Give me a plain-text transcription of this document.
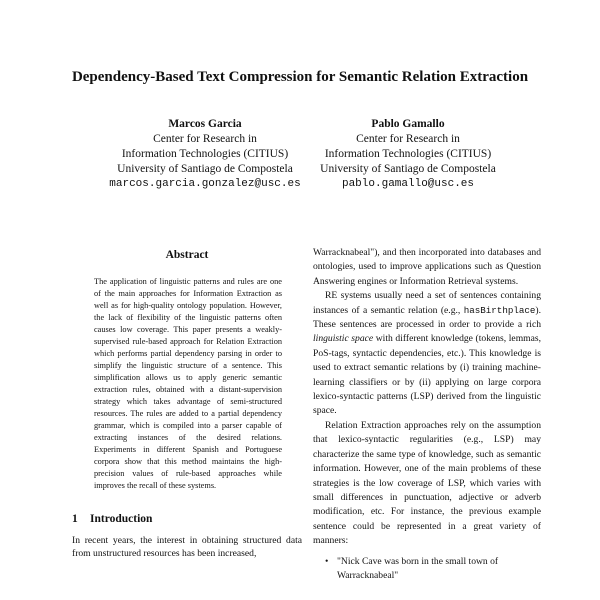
Dependency-Based Text Compression for Semantic Relation Extraction
Marcos Garcia
Center for Research in
Information Technologies (CITIUS)
University of Santiago de Compostela
marcos.garcia.gonzalez@usc.es
Pablo Gamallo
Center for Research in
Information Technologies (CITIUS)
University of Santiago de Compostela
pablo.gamallo@usc.es
Abstract

The application of linguistic patterns and rules are one of the main approaches for Information Extraction as well as for high-quality ontology population. However, the lack of flexibility of the linguistic patterns often causes low coverage. This paper presents a weakly-supervised rule-based approach for Relation Extraction which performs partial dependency parsing in order to simplify the linguistic structure of a sentence. This simplification allows us to apply generic semantic extraction rules, obtained with a distant-supervision strategy which takes advantage of semi-structured resources. The rules are added to a partial dependency grammar, which is compiled into a parser capable of extracting instances of the desired relations. Experiments in different Spanish and Portuguese corpora show that this method maintains the high-precision values of rule-based approaches while improves the recall of these systems.

1 Introduction

In recent years, the interest in obtaining structured data from unstructured resources has been increased,

Warracknabeal"), and then incorporated into databases and ontologies, used to improve applications such as Question Answering engines or Information Retrieval systems.

RE systems usually need a set of sentences containing instances of a semantic relation (e.g., hasBirthplace). These sentences are processed in order to provide a rich linguistic space with different knowledge (tokens, lemmas, PoS-tags, syntactic dependencies, etc.). This knowledge is used to extract semantic relations by (i) training machine-learning classifiers or by (ii) applying on large corpora lexico-syntactic patterns (LSP) derived from the linguistic space.

Relation Extraction approaches rely on the assumption that lexico-syntactic regularities (e.g., LSP) may characterize the same type of knowledge, such as semantic information. However, one of the main problems of these strategies is the low coverage of LSP, which varies with small differences in punctuation, adjective or adverb modification, etc. For instance, the previous example sentence could be represented in a great variety of manners:

• "Nick Cave was born in the small town of Warracknabeal"
